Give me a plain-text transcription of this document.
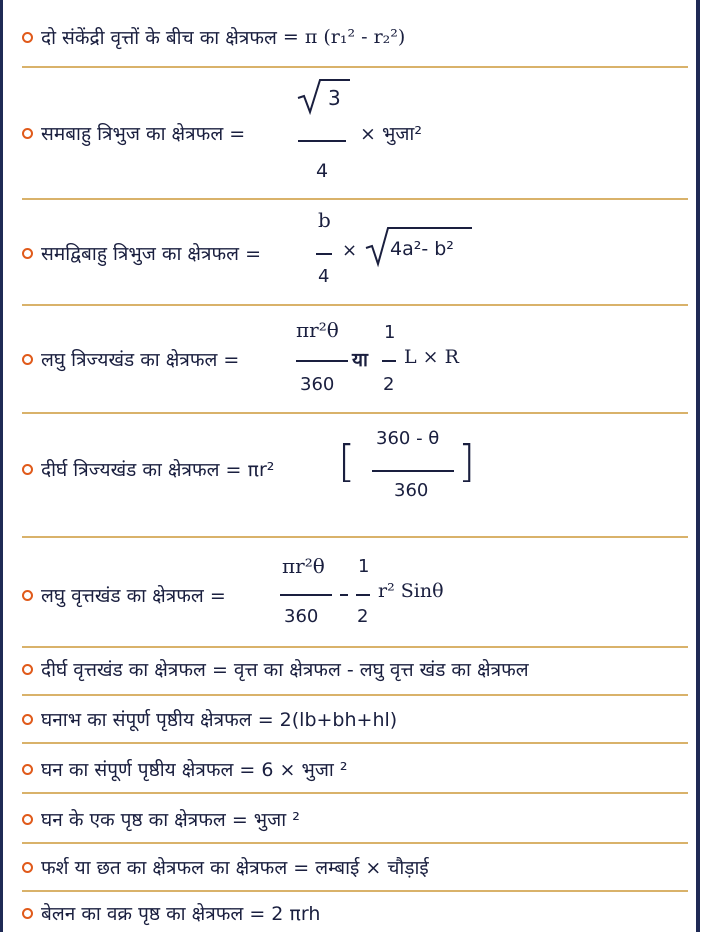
दो संकेंद्री वृत्तों के बीच का क्षेत्रफल = π (r₁² - r₂²)
समबाहु त्रिभुज का क्षेत्रफल =
3
4
× भुजा²
समद्विबाहु त्रिभुज का क्षेत्रफल =
b
4
× 4a²- b²
लघु त्रिज्यखंड का क्षेत्रफल =
πr²θ
360
या
1
2
L × R
दीर्घ त्रिज्यखंड का क्षेत्रफल = πr² [ 360 - θ
360
]
लघु वृत्तखंड का क्षेत्रफल =
πr²θ
360
1
2
r² Sinθ
दीर्घ वृत्तखंड का क्षेत्रफल = वृत्त का क्षेत्रफल - लघु वृत्त खंड का क्षेत्रफल
घनाभ का संपूर्ण पृष्ठीय क्षेत्रफल = 2(lb+bh+hl)
घन का संपूर्ण पृष्ठीय क्षेत्रफल = 6 × भुजा ²
घन के एक पृष्ठ का क्षेत्रफल = भुजा ²
फर्श या छत का क्षेत्रफल का क्षेत्रफल = लम्बाई × चौड़ाई
बेलन का वक्र पृष्ठ का क्षेत्रफल = 2 πrh
